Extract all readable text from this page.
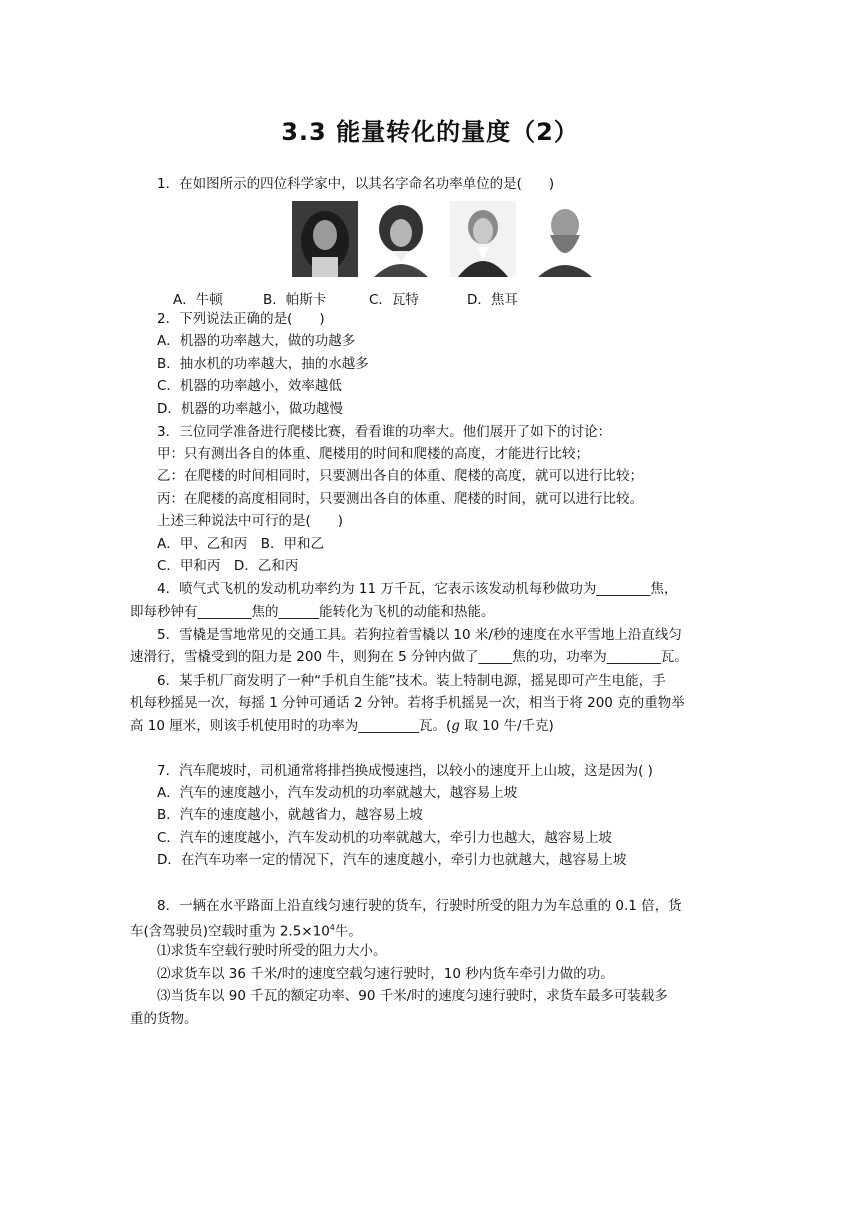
3.3 能量转化的量度（2）
1．在如图所示的四位科学家中，以其名字命名功率单位的是(　　)
A．牛顿	B．帕斯卡	C．瓦特	D．焦耳
2．下列说法正确的是(　　)
A．机器的功率越大，做的功越多
B．抽水机的功率越大，抽的水越多
C．机器的功率越小，效率越低
D．机器的功率越小，做功越慢
3．三位同学准备进行爬楼比赛，看看谁的功率大。他们展开了如下的讨论：
甲：只有测出各自的体重、爬楼用的时间和爬楼的高度，才能进行比较；
乙：在爬楼的时间相同时，只要测出各自的体重、爬楼的高度，就可以进行比较；
丙：在爬楼的高度相同时，只要测出各自的体重、爬楼的时间，就可以进行比较。
上述三种说法中可行的是(　　)
A．甲、乙和丙　B．甲和乙
C．甲和丙　D．乙和丙
4．喷气式飞机的发动机功率约为 11 万千瓦，它表示该发动机每秒做功为________焦，
即每秒钟有________焦的______能转化为飞机的动能和热能。
5．雪橇是雪地常见的交通工具。若狗拉着雪橇以 10 米/秒的速度在水平雪地上沿直线匀
速滑行，雪橇受到的阻力是 200 牛，则狗在 5 分钟内做了_____焦的功，功率为________瓦。
6．某手机厂商发明了一种“手机自生能”技术。装上特制电源，摇晃即可产生电能，手
机每秒摇晃一次，每摇 1 分钟可通话 2 分钟。若将手机摇晃一次，相当于将 200 克的重物举
高 10 厘米，则该手机使用时的功率为_________瓦。(g 取 10 牛/千克)
7．汽车爬坡时，司机通常将排挡换成慢速挡，以较小的速度开上山坡，这是因为( )
A．汽车的速度越小，汽车发动机的功率就越大，越容易上坡
B．汽车的速度越小，就越省力，越容易上坡
C．汽车的速度越小，汽车发动机的功率就越大，牵引力也越大，越容易上坡
D．在汽车功率一定的情况下，汽车的速度越小，牵引力也就越大，越容易上坡
8．一辆在水平路面上沿直线匀速行驶的货车，行驶时所受的阻力为车总重的 0.1 倍，货
车(含驾驶员)空载时重为 $2.5\times 10^4$牛。
⑴求货车空载行驶时所受的阻力大小。
⑵求货车以 36 千米/时的速度空载匀速行驶时，10 秒内货车牵引力做的功。
⑶当货车以 90 千瓦的额定功率、90 千米/时的速度匀速行驶时，求货车最多可装载多
重的货物。
